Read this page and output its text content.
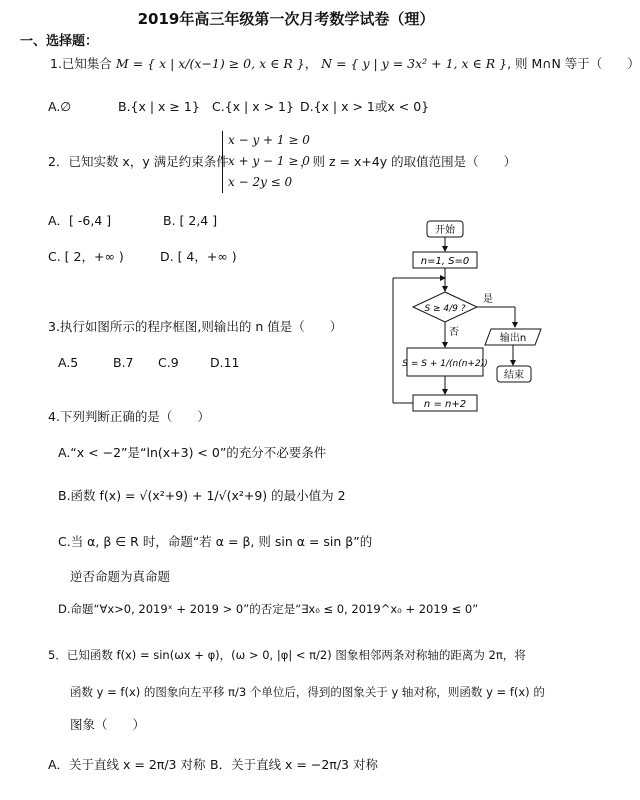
2019年高三年级第一次月考数学试卷（理）
一、选择题：
1.已知集合 M = { x | x/(x−1) ≥ 0, x ∈ R }， N = { y | y = 3x² + 1, x ∈ R }, 则 M∩N 等于（　　）
A.∅	B.{x | x ≥ 1} C.{x | x > 1} D.{x | x > 1或x < 0}
2．已知实数 x，y 满足约束条件
x − y + 1 ≥ 0
x + y − 1 ≥ 0
x − 2y ≤ 0
，则 z = x+4y 的取值范围是（　　）
A．[ -6,4 ]	B. [ 2,4 ]
C. [ 2，+∞ )	D. [ 4，+∞ )
3.执行如图所示的程序框图,则输出的 n 值是（　　）
A.5	B.7 C.9	D.11
开始
n=1, S=0
S ≥ 4/9 ?
是
输出n
结束
否
S = S + 1/(n(n+2))
n = n+2
4.下列判断正确的是（　　）
A.“x < −2”是“ln(x+3) < 0”的充分不必要条件
B.函数 f(x) = √(x²+9) + 1/√(x²+9) 的最小值为 2
C.当 α, β ∈ R 时，命题“若 α = β, 则 sin α = sin β”的
逆否命题为真命题
D.命题“∀x>0, 2019ˣ + 2019 > 0”的否定是“∃x₀ ≤ 0, 2019^x₀ + 2019 ≤ 0”
5．已知函数 f(x) = sin(ωx + φ)，(ω > 0, |φ| < π/2) 图象相邻两条对称轴的距离为 2π，将
函数 y = f(x) 的图象向左平移 π/3 个单位后，得到的图象关于 y 轴对称，则函数 y = f(x) 的
图象（　　）
A．关于直线 x = 2π/3 对称 B．关于直线 x = −2π/3 对称
